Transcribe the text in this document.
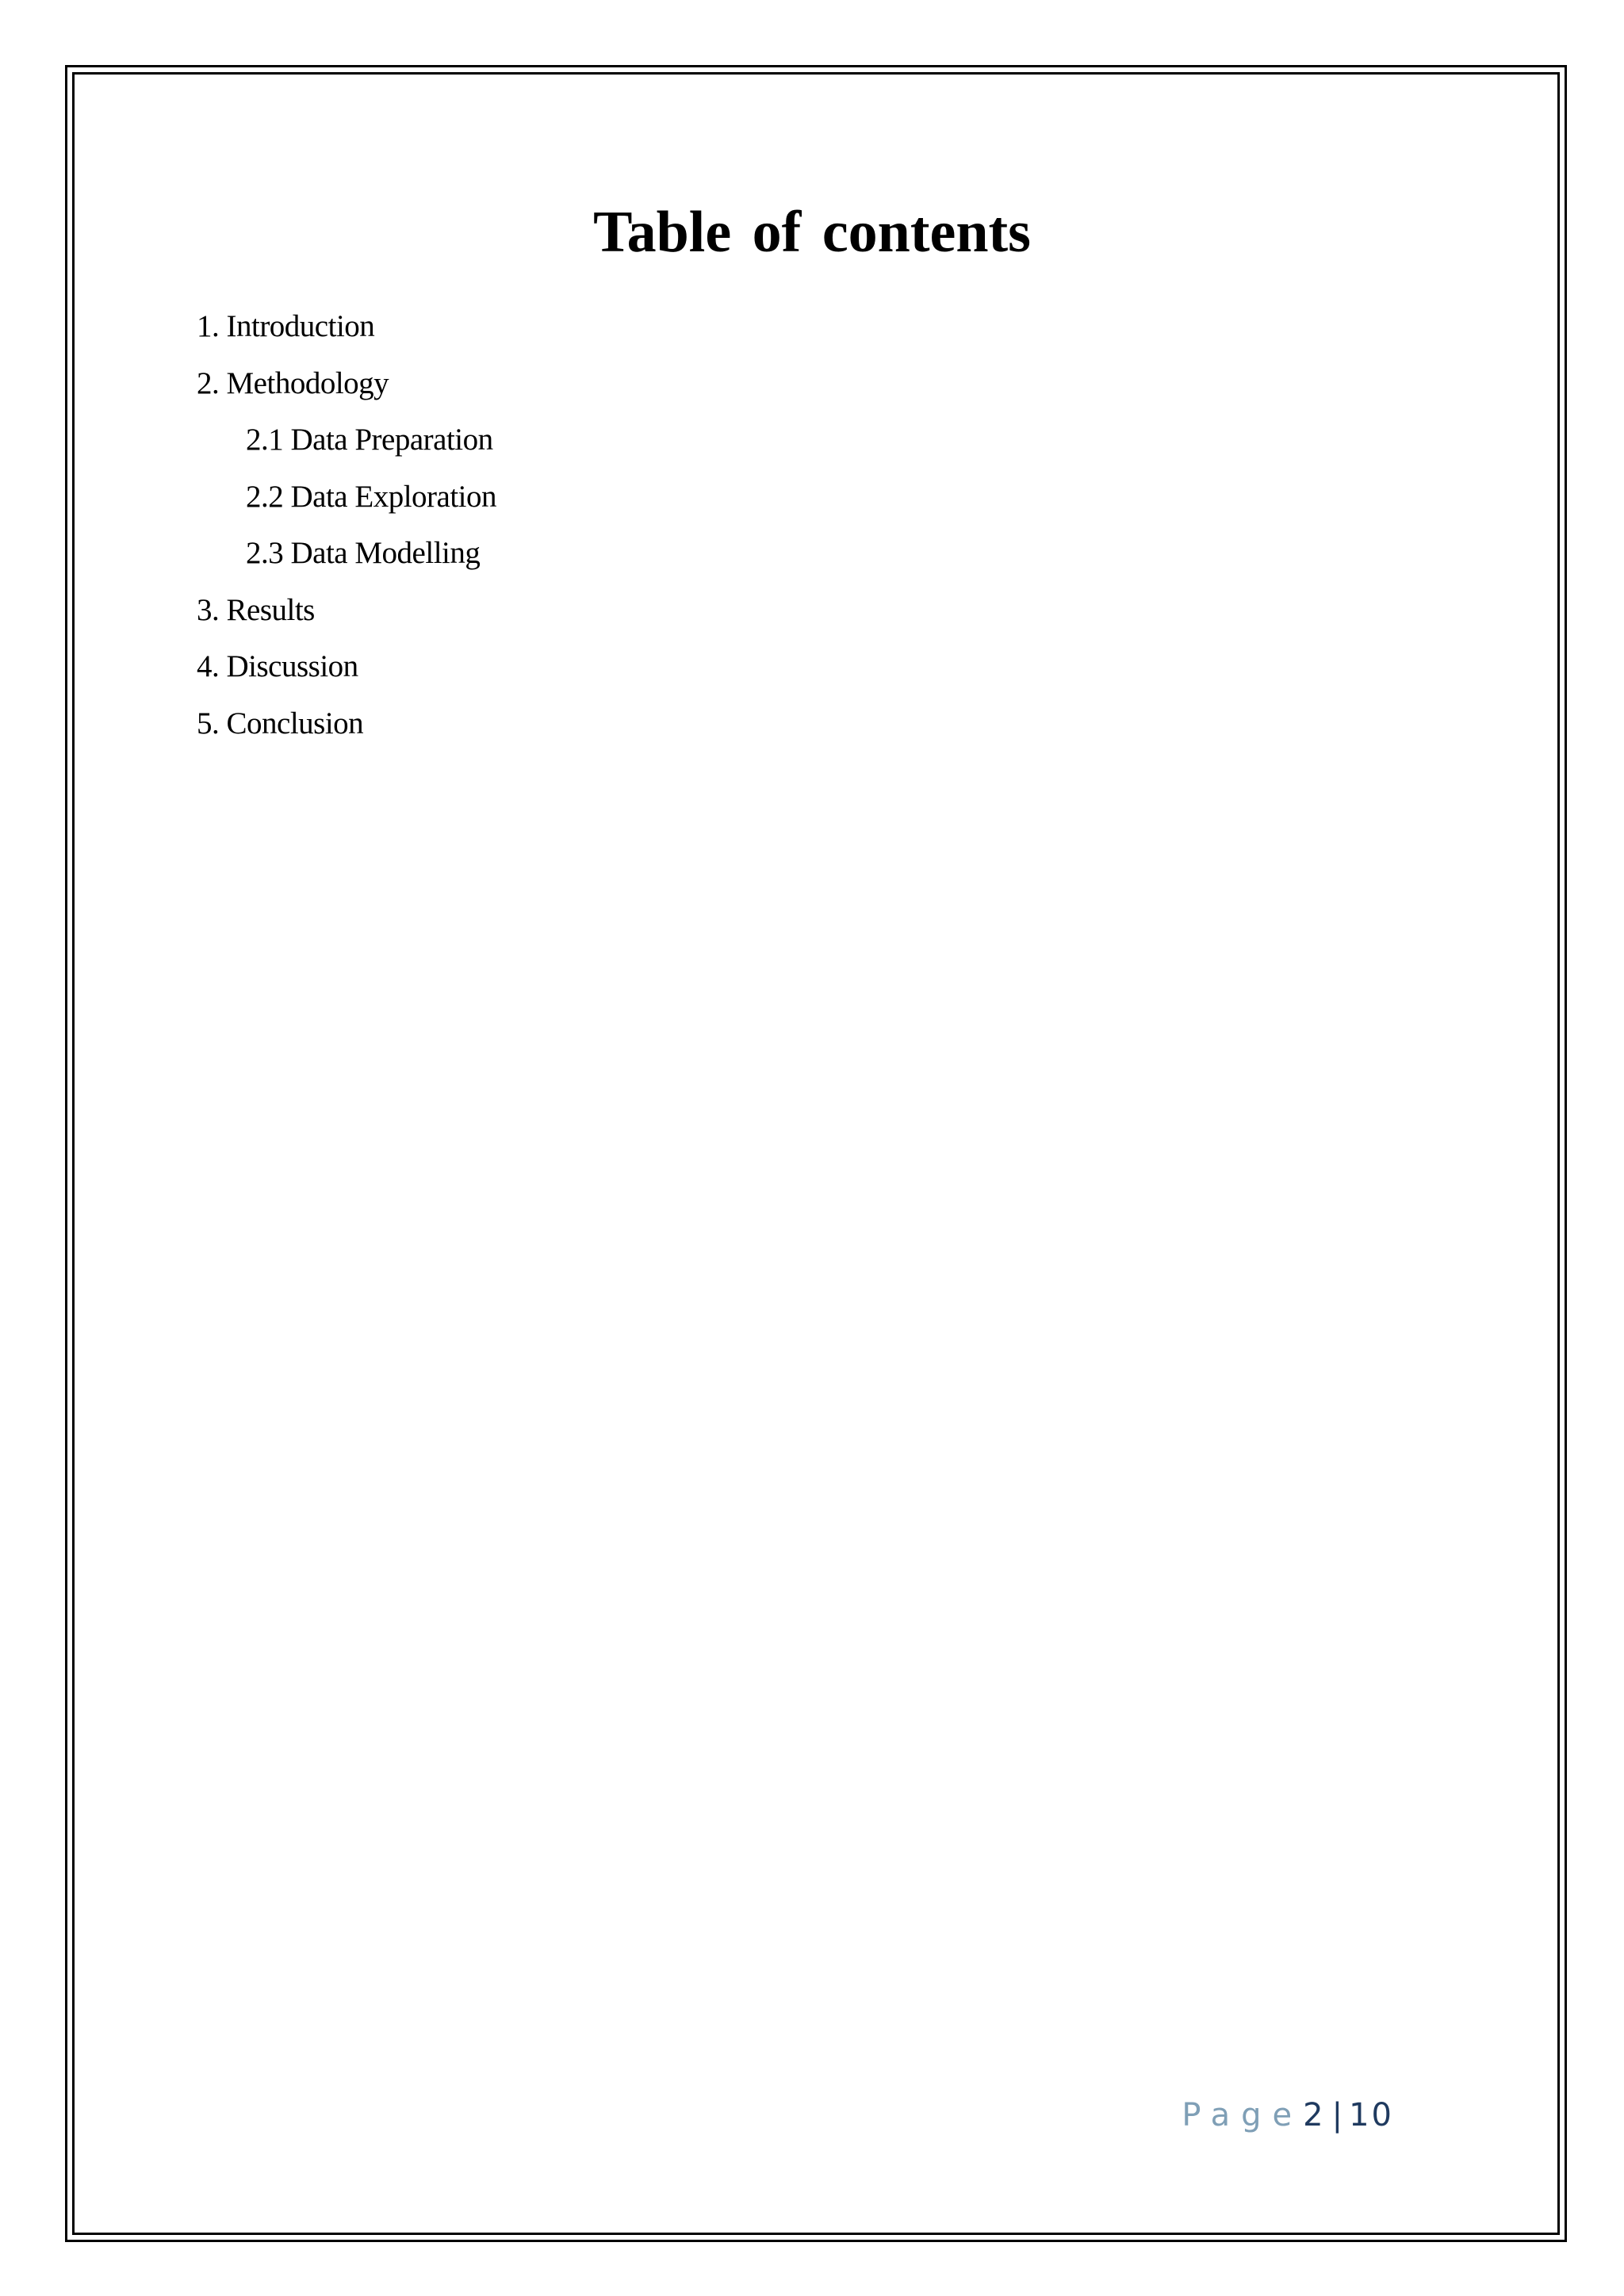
Table of contents
1. Introduction
2. Methodology
2.1 Data Preparation
2.2 Data Exploration
2.3 Data Modelling
3. Results
4. Discussion
5. Conclusion
Page2 | 10
